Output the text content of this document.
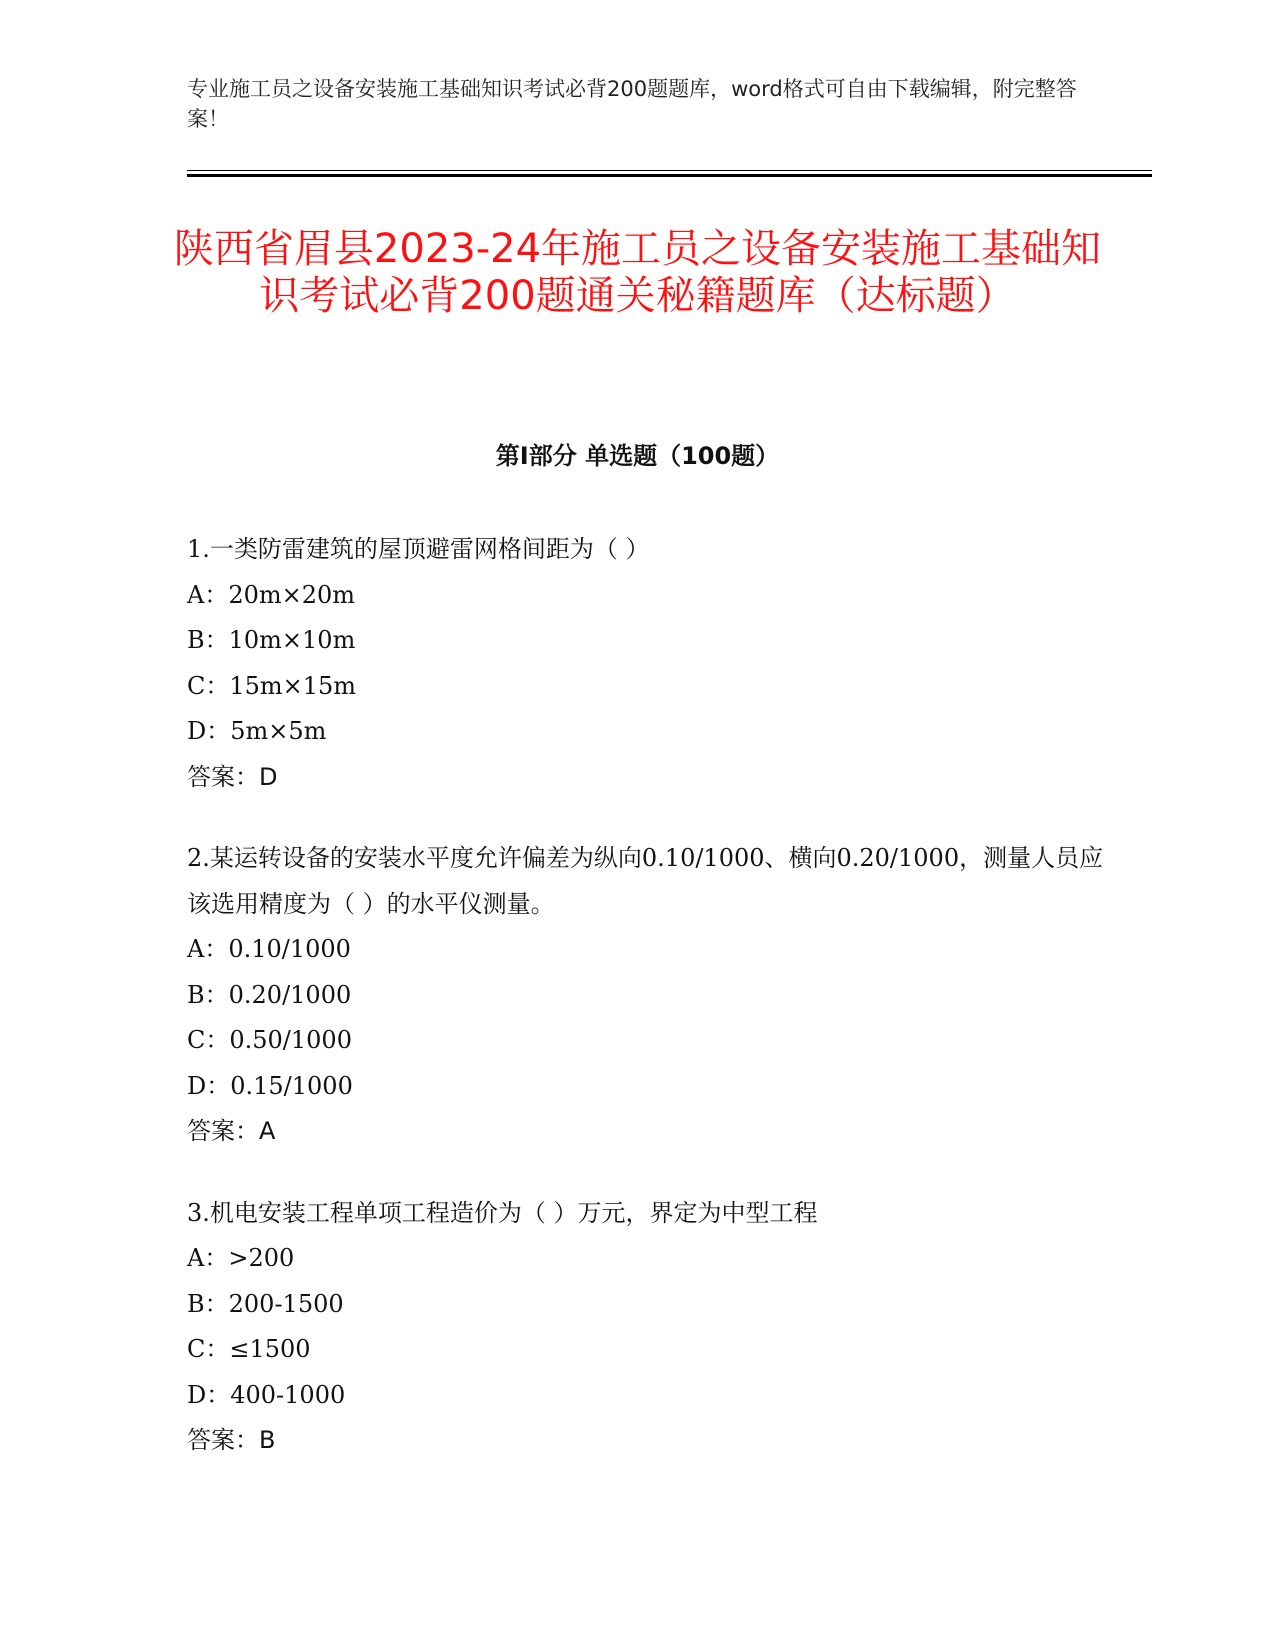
专业施工员之设备安装施工基础知识考试必背200题题库，word格式可自由下载编辑，附完整答案！
陕西省眉县2023-24年施工员之设备安装施工基础知识考试必背200题通关秘籍题库（达标题）
第Ⅰ部分 单选题（100题）
1.一类防雷建筑的屋顶避雷网格间距为（ ）
A：20m×20m
B：10m×10m
C：15m×15m
D：5m×5m
答案：D
2.某运转设备的安装水平度允许偏差为纵向0.10/1000、横向0.20/1000，测量人员应该选用精度为（ ）的水平仪测量。
A：0.10/1000
B：0.20/1000
C：0.50/1000
D：0.15/1000
答案：A
3.机电安装工程单项工程造价为（ ）万元，界定为中型工程
A：>200
B：200-1500
C：≤1500
D：400-1000
答案：B
